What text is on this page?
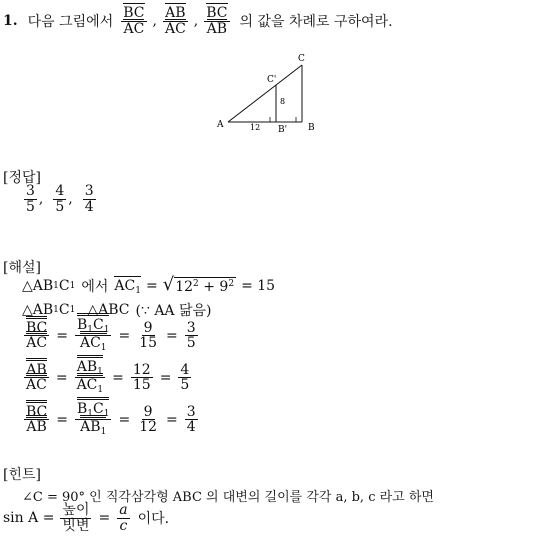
1. 다음 그림에서 $\frac{BC}{AC}$ , $\frac{AB}{AC}$ , $\frac{BC}{AB}$ 의 값을 차례로 구하여라.
A	B
C
C'
B'
12
8
[정답]
$\frac{3}{5}$ , $\frac{4}{5}$ , $\frac{3}{4}$
[해설]
△AB 1 C 1 에서 $AC_1$ = √ $12^2 + 9^2 = 15$
△AB 1 C 1 △ABC (∵ AA 닮음)
$\frac{BC}{AC} = \frac{B_1C_1}{AC_1} = \frac{9}{15} = \frac{3}{5}$
$\frac{AB}{AC} = \frac{AB_1}{AC_1} = \frac{12}{15} = \frac{4}{5}$
$\frac{BC}{AB} = \frac{B_1C_1}{AB_1} = \frac{9}{12} = \frac{3}{4}$
[힌트]
∠C = 90° 인 직각삼각형 ABC 의 대변의 길이를 각각 a, b, c 라고 하면
$\sin A = \frac{\text{높이}}{\text{빗변}} = \frac{a}{c}$ 이다.
